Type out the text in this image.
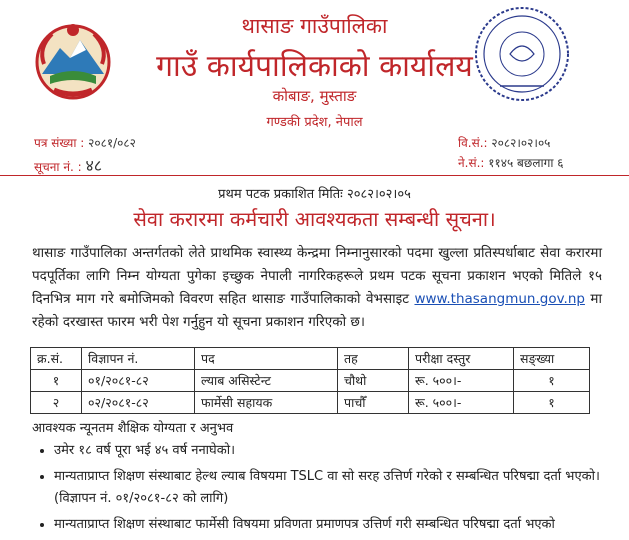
थासाङ गाउँपालिका
गाउँ कार्यपालिकाको कार्यालय
कोबाङ, मुस्ताङ
गण्डकी प्रदेश, नेपाल
पत्र संख्या : २०८१/०८२
सूचना नं. : ४८
वि.सं.: २०८२।०२।०५
ने.सं.: ११४५ बछलागा ६
प्रथम पटक प्रकाशित मितिः २०८२।०२।०५
सेवा करारमा कर्मचारी आवश्यकता सम्बन्धी सूचना।
थासाङ गाउँपालिका अन्तर्गतको लेते प्राथमिक स्वास्थ्य केन्द्रमा निम्नानुसारको पदमा खुल्ला प्रतिस्पर्धाबाट सेवा करारमा पदपूर्तिका लागि निम्न योग्यता पुगेका इच्छुक नेपाली नागरिकहरूले प्रथम पटक सूचना प्रकाशन भएको मितिले १५ दिनभित्र माग गरे बमोजिमको विवरण सहित थासाङ गाउँपालिकाको वेभसाइट www.thasangmun.gov.np मा रहेको दरखास्त फारम भरी पेश गर्नुहुन यो सूचना प्रकाशन गरिएको छ।
क्र.सं.	विज्ञापन नं.	पद	तह	परीक्षा दस्तुर	सङ्ख्या
१	०१/२०८१-८२	ल्याब असिस्टेन्ट	चौथो	रू. ५००।-	१
२	०२/२०८१-८२	फार्मेसी सहायक	पाचौँ	रू. ५००।-	१
आवश्यक न्यूनतम शैक्षिक योग्यता र अनुभव
• उमेर १८ वर्ष पूरा भई ४५ वर्ष ननाघेको।
• मान्यताप्राप्त शिक्षण संस्थाबाट हेल्थ ल्याब विषयमा TSLC वा सो सरह उत्तिर्ण गरेको र सम्बन्धित परिषद्मा दर्ता भएको। (विज्ञापन नं. ०१/२०८१-८२ को लागि)
• मान्यताप्राप्त शिक्षण संस्थाबाट फार्मेसी विषयमा प्रविणता प्रमाणपत्र उत्तिर्ण गरी सम्बन्धित परिषद्मा दर्ता भएको
